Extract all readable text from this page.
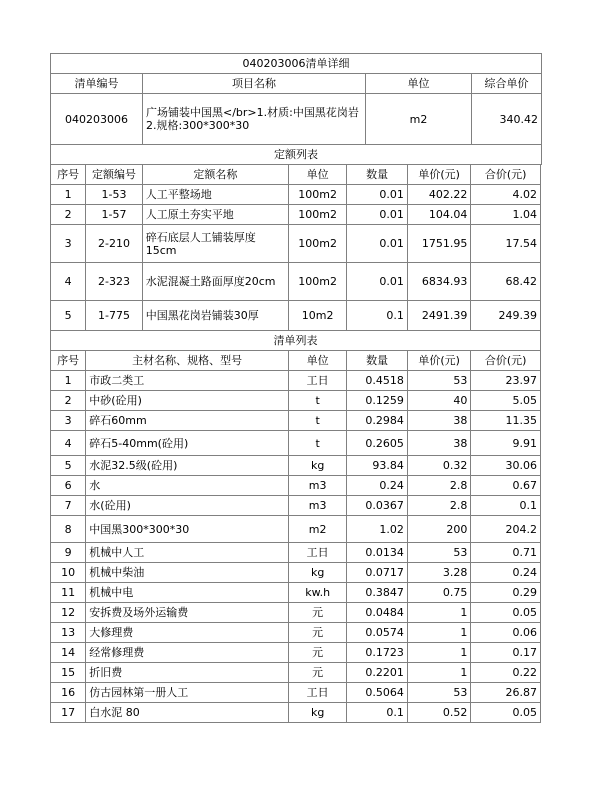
040203006清单详细			
清单编号	项目名称	单位	综合单价
040203006	广场铺装中国黑</br>1.材质:中国黑花岗岩 2.规格:300*300*30	m2	340.42
定额列表			
序号	定额编号	定额名称	单位	数量	单价(元)	合价(元)
1	1-53	人工平整场地	100m2	0.01	402.22	4.02
2	1-57	人工原土夯实平地	100m2	0.01	104.04	1.04
3	2-210	碎石底层人工铺装厚度15cm	100m2	0.01	1751.95	17.54
4	2-323	水泥混凝土路面厚度20cm	100m2	0.01	6834.93	68.42
5	1-775	中国黑花岗岩铺装30厚	10m2	0.1	2491.39	249.39
清单列表						
序号	主材名称、规格、型号	单位	数量	单价(元)	合价(元)
1	市政二类工	工日	0.4518	53	23.97
2	中砂(砼用)	t	0.1259	40	5.05
3	碎石60mm	t	0.2984	38	11.35
4	碎石5-40mm(砼用)	t	0.2605	38	9.91
5	水泥32.5级(砼用)	kg	93.84	0.32	30.06
6	水	m3	0.24	2.8	0.67
7	水(砼用)	m3	0.0367	2.8	0.1
8	中国黑300*300*30	m2	1.02	200	204.2
9	机械中人工	工日	0.0134	53	0.71
10	机械中柴油	kg	0.0717	3.28	0.24
11	机械中电	kw.h	0.3847	0.75	0.29
12	安拆费及场外运输费	元	0.0484	1	0.05
13	大修理费	元	0.0574	1	0.06
14	经常修理费	元	0.1723	1	0.17
15	折旧费	元	0.2201	1	0.22
16	仿古园林第一册人工	工日	0.5064	53	26.87
17	白水泥 80	kg	0.1	0.52	0.05
